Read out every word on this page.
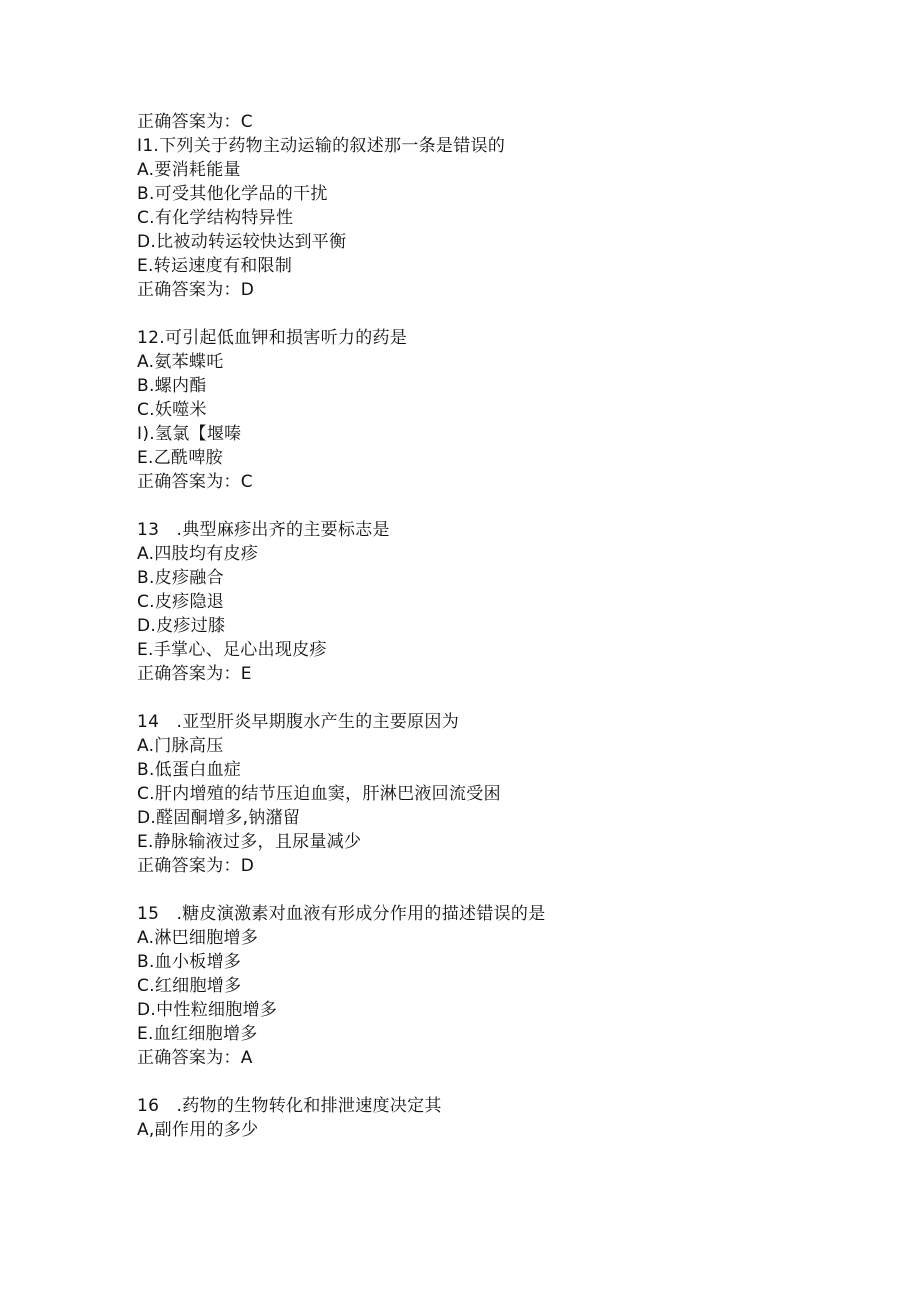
正确答案为：C
I1.下列关于药物主动运输的叙述那一条是错误的
A.要消耗能量
B.可受其他化学品的干扰
C.有化学结构特异性
D.比被动转运较快达到平衡
E.转运速度有和限制
正确答案为：D
12.可引起低血钾和损害听力的药是
A.氨苯蝶吒
B.螺内酯
C.妖噬米
I).氢氯【堰嗪
E.乙酰啤胺
正确答案为：C
13　.典型麻疹出齐的主要标志是
A.四肢均有皮疹
B.皮疹融合
C.皮疹隐退
D.皮疹过膝
E.手掌心、足心出现皮疹
正确答案为：E
14　.亚型肝炎早期腹水产生的主要原因为
A.门脉高压
B.低蛋白血症
C.肝内增殖的结节压迫血窦，肝淋巴液回流受困
D.醛固酮增多,钠潴留
E.静脉输液过多，且尿量减少
正确答案为：D
15　.糖皮演激素对血液有形成分作用的描述错误的是
A.淋巴细胞增多
B.血小板增多
C.红细胞增多
D.中性粒细胞增多
E.血红细胞增多
正确答案为：A
16　.药物的生物转化和排泄速度决定其
A,副作用的多少
